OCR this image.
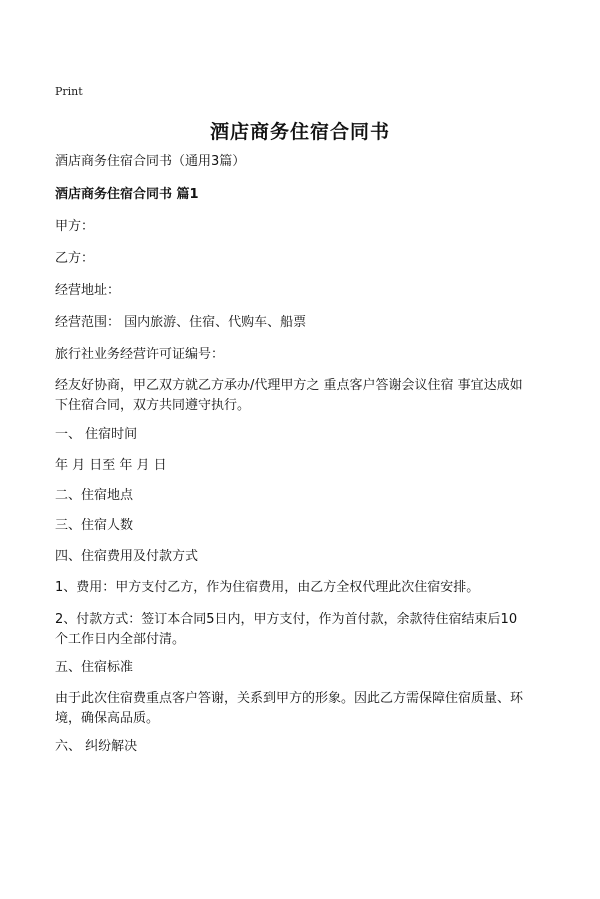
Print
酒店商务住宿合同书
酒店商务住宿合同书（通用3篇）
酒店商务住宿合同书 篇1
甲方：
乙方：
经营地址：
经营范围： 国内旅游、住宿、代购车、船票
旅行社业务经营许可证编号：
经友好协商，甲乙双方就乙方承办/代理甲方之 重点客户答谢会议住宿 事宜达成如
下住宿合同，双方共同遵守执行。
一、 住宿时间
年 月 日至 年 月 日
二、住宿地点
三、住宿人数
四、住宿费用及付款方式
1、费用：甲方支付乙方，作为住宿费用，由乙方全权代理此次住宿安排。
2、付款方式：签订本合同5日内，甲方支付，作为首付款，余款待住宿结束后10
个工作日内全部付清。
五、住宿标准
由于此次住宿费重点客户答谢，关系到甲方的形象。因此乙方需保障住宿质量、环
境，确保高品质。
六、 纠纷解决
